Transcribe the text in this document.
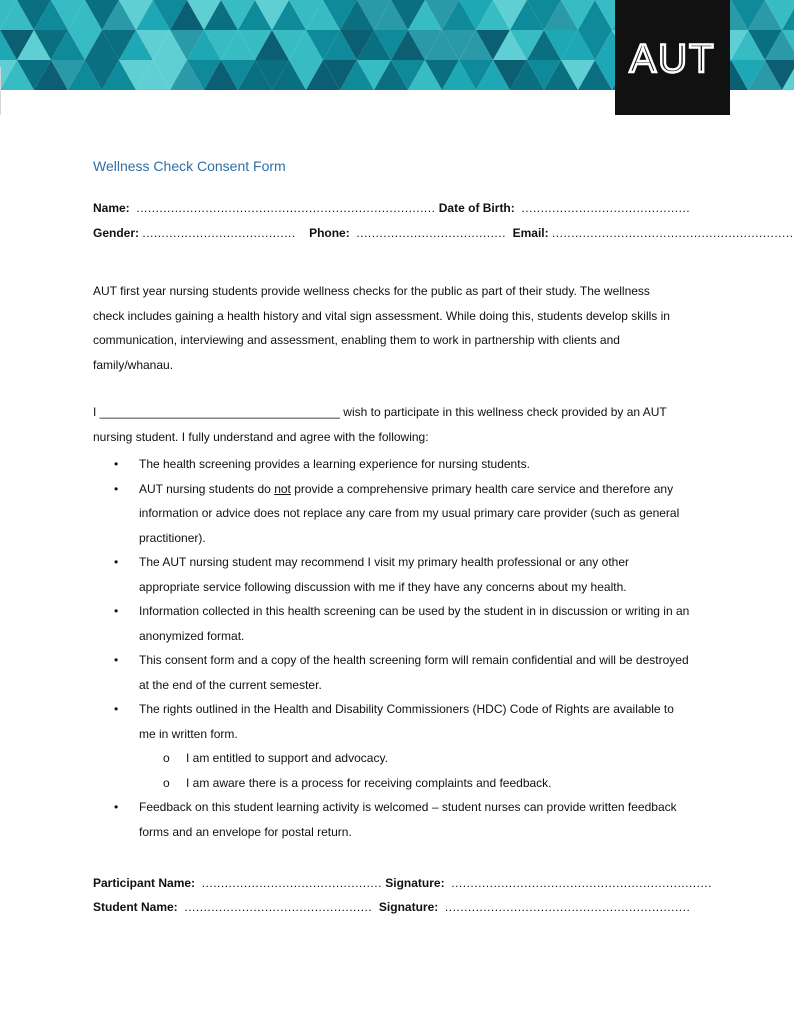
AUT
Wellness Check Consent Form
Name: .............................................................................. Date of Birth: ............................................
Gender: ........................................ Phone: ....................................... Email: ...............................................................
AUT first year nursing students provide wellness checks for the public as part of their study. The wellness check includes gaining a health history and vital sign assessment. While doing this, students develop skills in communication, interviewing and assessment, enabling them to work in partnership with clients and family/whanau.
I ____________________________________ wish to participate in this wellness check provided by an AUT nursing student. I fully understand and agree with the following:
• The health screening provides a learning experience for nursing students.
• AUT nursing students do not provide a comprehensive primary health care service and therefore any information or advice does not replace any care from my usual primary care provider (such as general practitioner).
• The AUT nursing student may recommend I visit my primary health professional or any other appropriate service following discussion with me if they have any concerns about my health.
• Information collected in this health screening can be used by the student in in discussion or writing in an anonymized format.
• This consent form and a copy of the health screening form will remain confidential and will be destroyed at the end of the current semester.
• The rights outlined in the Health and Disability Commissioners (HDC) Code of Rights are available to me in written form.
o I am entitled to support and advocacy.
o I am aware there is a process for receiving complaints and feedback.
• Feedback on this student learning activity is welcomed – student nurses can provide written feedback forms and an envelope for postal return.
Participant Name: ............................................... Signature: ....................................................................
Student Name: ................................................. Signature: ................................................................
